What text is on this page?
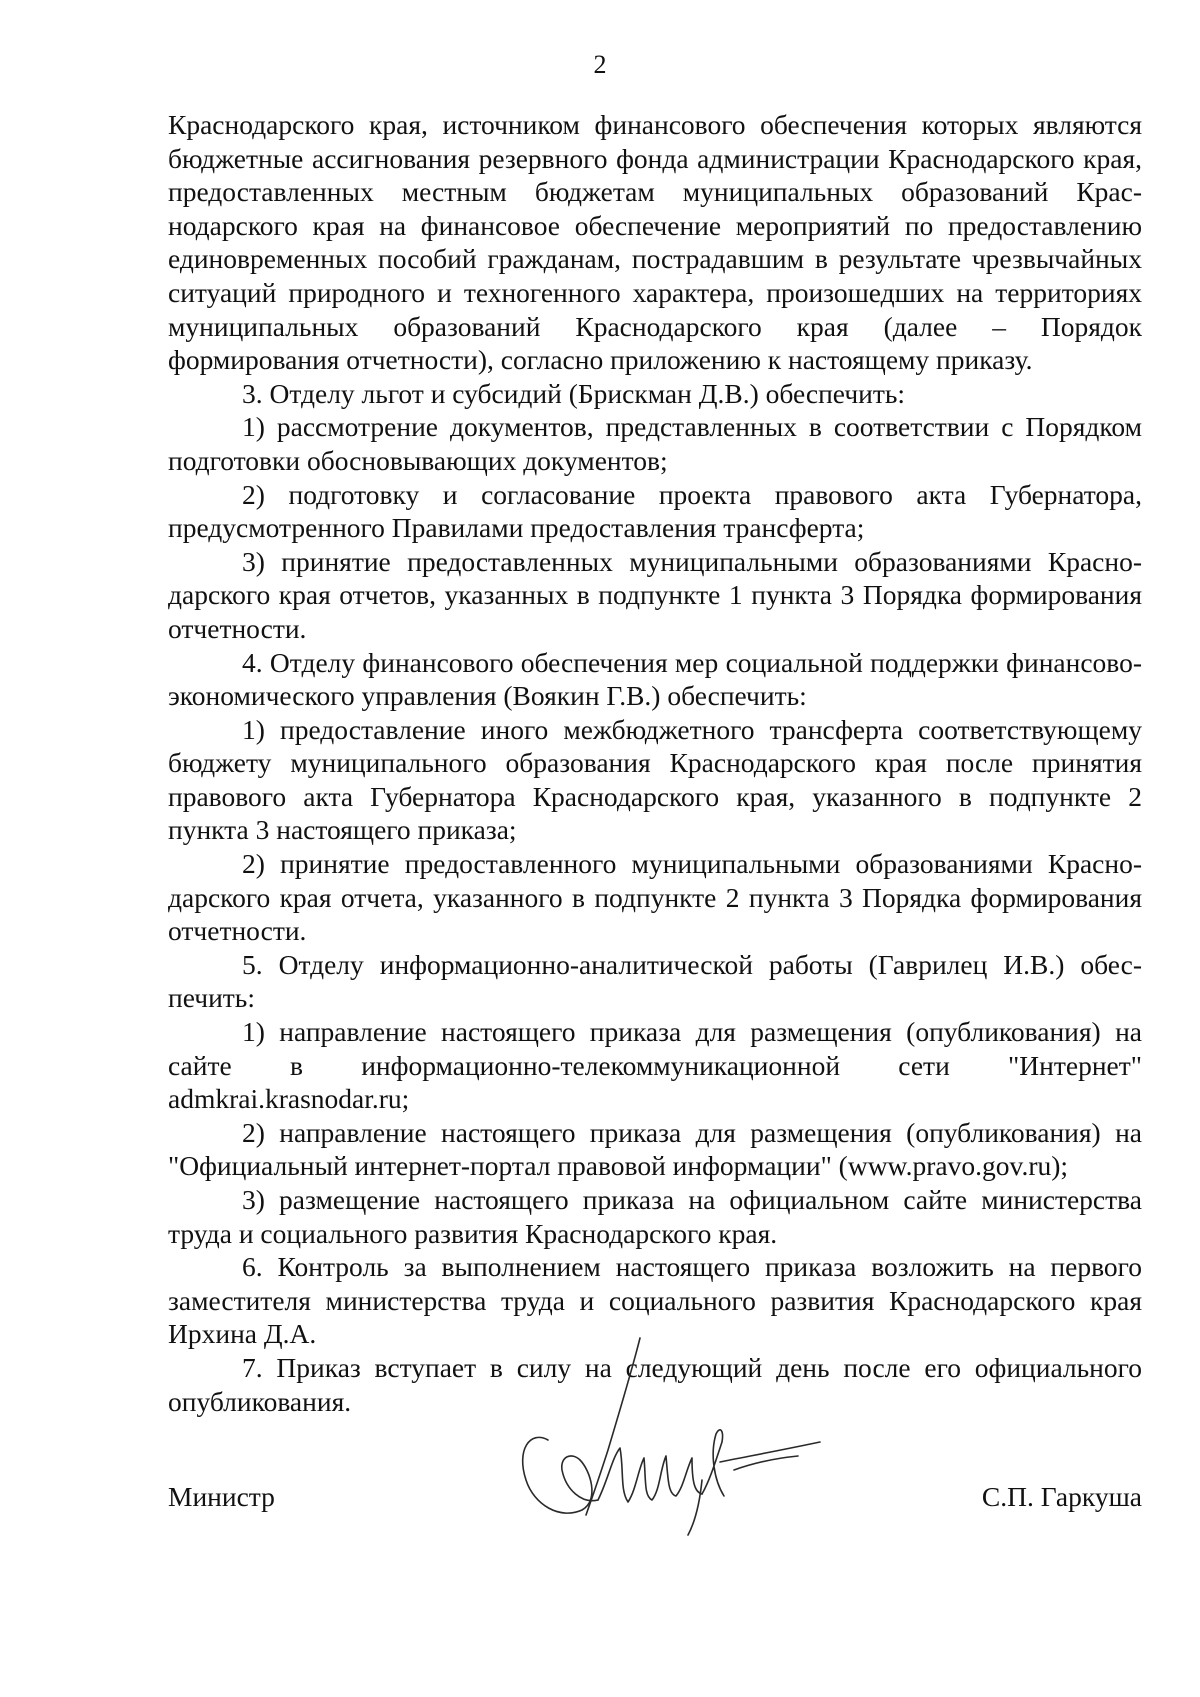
2

Краснодарского края, источником финансового обеспечения которых являются бюджетные ассигнования резервного фонда администрации Краснодарского края, предоставленных местным бюджетам муниципальных образований Краснодарского края на финансовое обеспечение мероприятий по предоставлению единовременных пособий гражданам, пострадавшим в результате чрезвычайных ситуаций природного и техногенного характера, произошедших на территориях муниципальных образований Краснодарского края (далее – Порядок формирования отчетности), согласно приложению к настоящему приказу.

3. Отделу льгот и субсидий (Брискман Д.В.) обеспечить:

1) рассмотрение документов, представленных в соответствии с Порядком подготовки обосновывающих документов;

2) подготовку и согласование проекта правового акта Губернатора, предусмотренного Правилами предоставления трансферта;

3) принятие предоставленных муниципальными образованиями Краснодарского края отчетов, указанных в подпункте 1 пункта 3 Порядка формирования отчетности.

4. Отделу финансового обеспечения мер социальной поддержки финансово-экономического управления (Воякин Г.В.) обеспечить:

1) предоставление иного межбюджетного трансферта соответствующему бюджету муниципального образования Краснодарского края после принятия правового акта Губернатора Краснодарского края, указанного в подпункте 2 пункта 3 настоящего приказа;

2) принятие предоставленного муниципальными образованиями Краснодарского края отчета, указанного в подпункте 2 пункта 3 Порядка формирования отчетности.

5. Отделу информационно-аналитической работы (Гаврилец И.В.) обеспечить:

1) направление настоящего приказа для размещения (опубликования) на сайте в информационно-телекоммуникационной сети "Интернет" admkrai.krasnodar.ru;

2) направление настоящего приказа для размещения (опубликования) на "Официальный интернет-портал правовой информации" (www.pravo.gov.ru);

3) размещение настоящего приказа на официальном сайте министерства труда и социального развития Краснодарского края.

6. Контроль за выполнением настоящего приказа возложить на первого заместителя министерства труда и социального развития Краснодарского края Ирхина Д.А.

7. Приказ вступает в силу на следующий день после его официального опубликования.

Министр	С.П. Гаркуша
